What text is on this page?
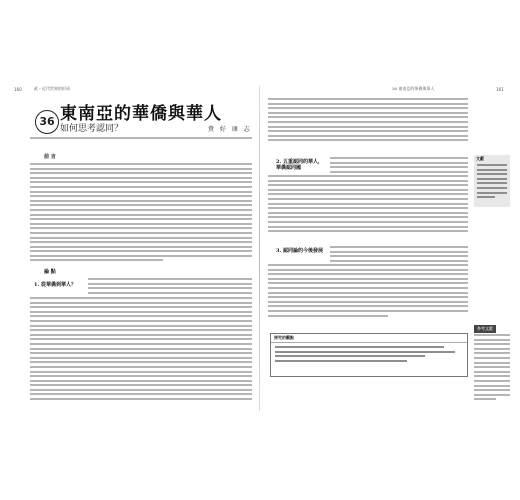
160	貳・近代世界的形成
36 東南亞的華僑與華人
如何思考認同？	貴 好 康 志
前 言
論 點
1. 從華僑到華人？
36 東南亞的華僑與華人	161
2. 五重認同的華人，華僑認同國
3. 認同論的今後發展
探究的觀點
文獻
參考文獻
